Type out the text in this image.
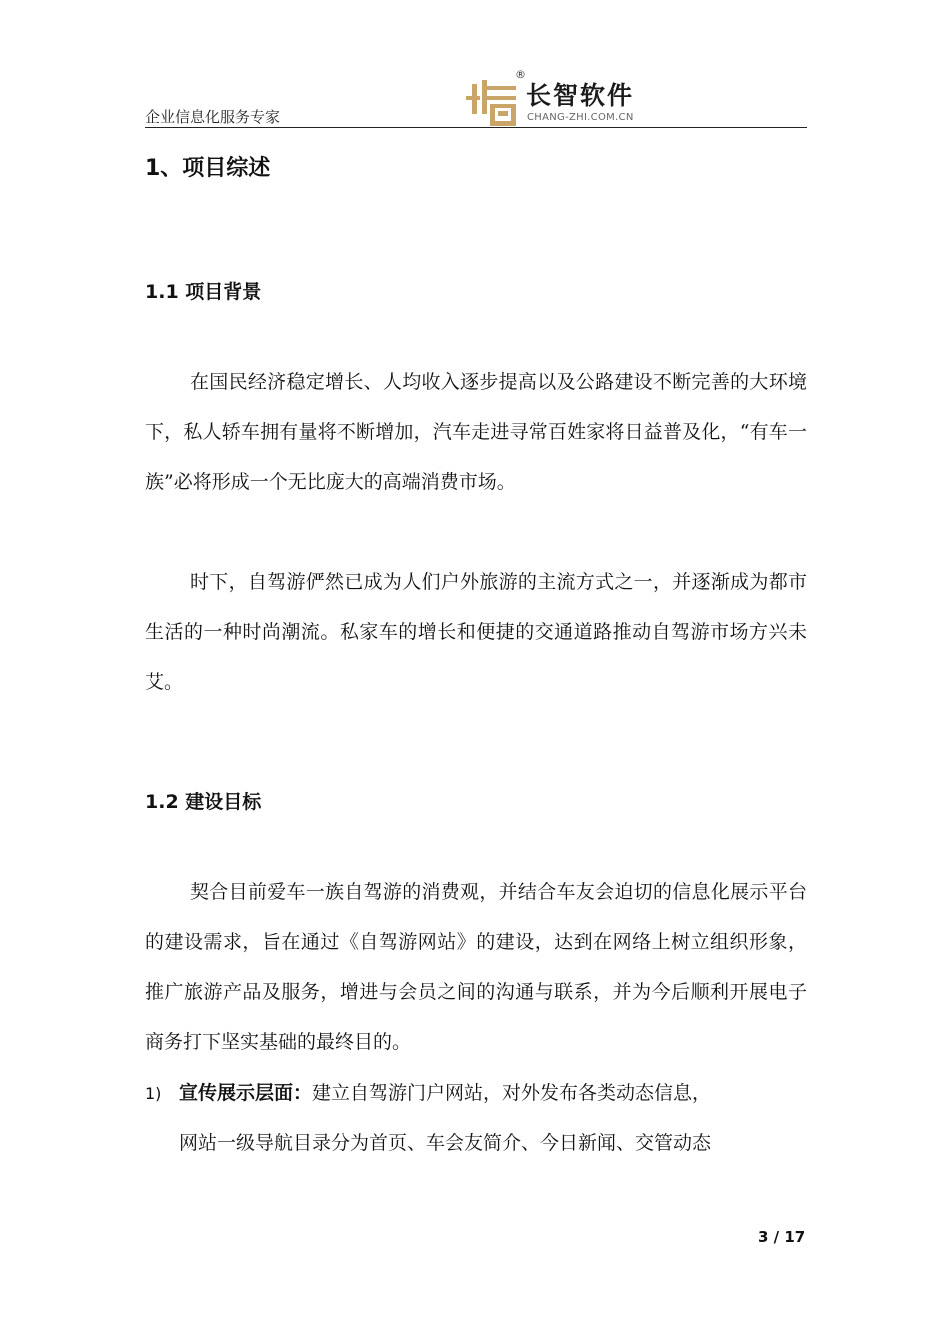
企业信息化服务专家
®
长智软件
CHANG-ZHI.COM.CN
1、项目综述
1.1 项目背景

在国民经济稳定增长、人均收入逐步提高以及公路建设不断完善的大环境下，私人轿车拥有量将不断增加，汽车走进寻常百姓家将日益普及化，“有车一族”必将形成一个无比庞大的高端消费市场。

时下，自驾游俨然已成为人们户外旅游的主流方式之一，并逐渐成为都市生活的一种时尚潮流。私家车的增长和便捷的交通道路推动自驾游市场方兴未艾。

1.2 建设目标

契合目前爱车一族自驾游的消费观，并结合车友会迫切的信息化展示平台的建设需求，旨在通过《自驾游网站》的建设，达到在网络上树立组织形象，推广旅游产品及服务，增进与会员之间的沟通与联系，并为今后顺利开展电子商务打下坚实基础的最终目的。

1) 宣传展示层面：建立自驾游门户网站，对外发布各类动态信息，
网站一级导航目录分为首页、车会友简介、今日新闻、交管动态
3 / 17
